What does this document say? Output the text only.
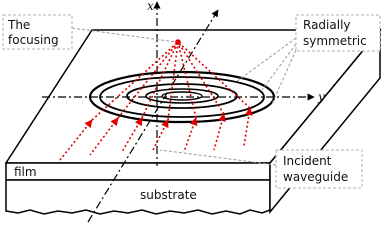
x
y
The
focusing
Radially
symmetric
Incident
waveguide
film
substrate
